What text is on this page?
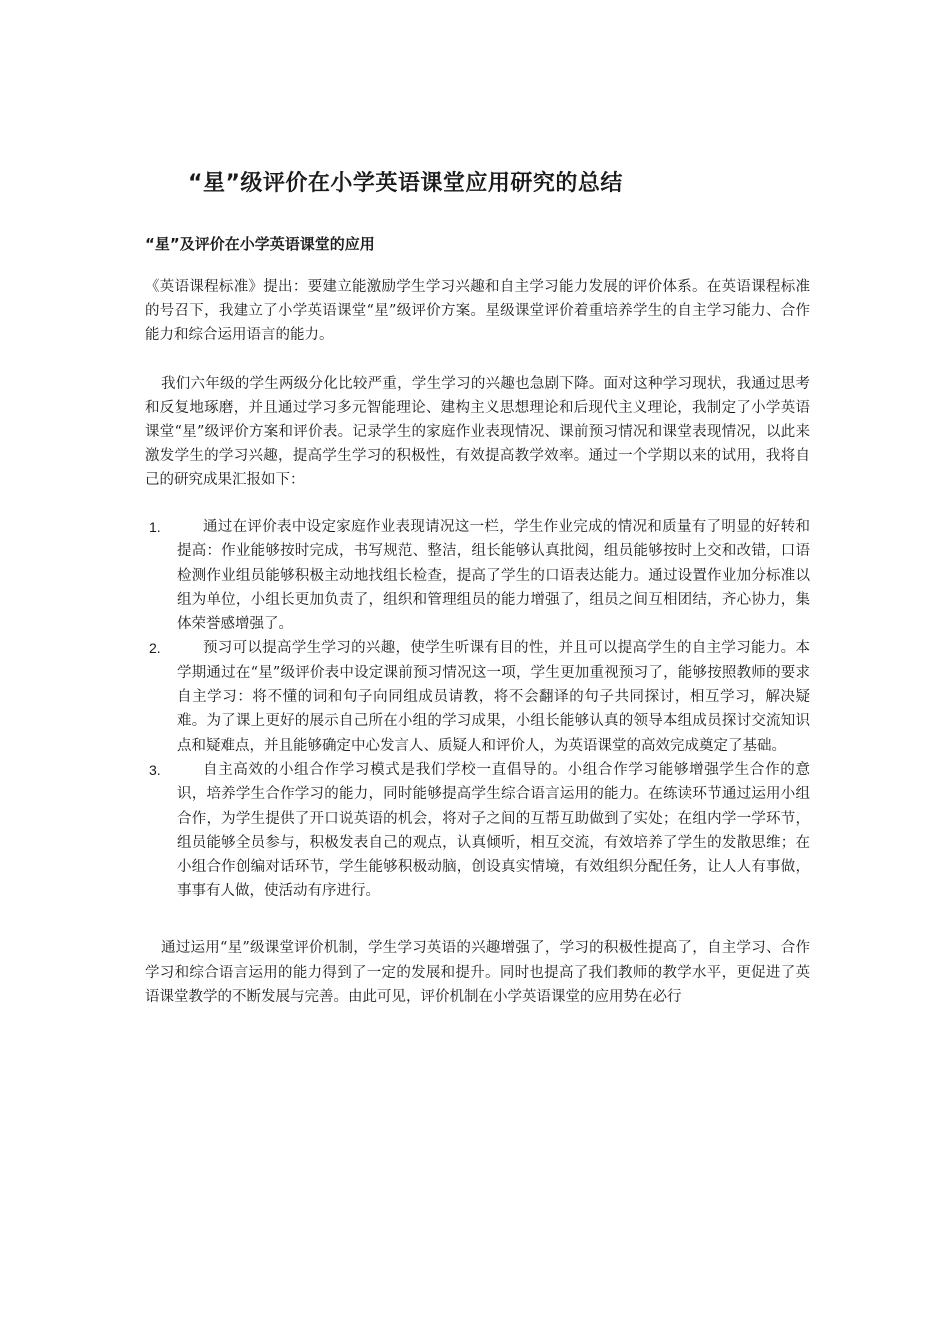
“星”级评价在小学英语课堂应用研究的总结
“星”及评价在小学英语课堂的应用

《英语课程标准》提出：要建立能激励学生学习兴趣和自主学习能力发展的评价体系。在英语课程标准的号召下，我建立了小学英语课堂“星”级评价方案。星级课堂评价着重培养学生的自主学习能力、合作能力和综合运用语言的能力。

我们六年级的学生两级分化比较严重，学生学习的兴趣也急剧下降。面对这种学习现状，我通过思考和反复地琢磨，并且通过学习多元智能理论、建构主义思想理论和后现代主义理论，我制定了小学英语课堂“星”级评价方案和评价表。记录学生的家庭作业表现情况、课前预习情况和课堂表现情况，以此来激发学生的学习兴趣，提高学生学习的积极性，有效提高教学效率。通过一个学期以来的试用，我将自己的研究成果汇报如下：

1.	通过在评价表中设定家庭作业表现请况这一栏，学生作业完成的情况和质量有了明显的好转和提高：作业能够按时完成，书写规范、整洁，组长能够认真批阅，组员能够按时上交和改错，口语检测作业组员能够积极主动地找组长检查，提高了学生的口语表达能力。通过设置作业加分标准以组为单位，小组长更加负责了，组织和管理组员的能力增强了，组员之间互相团结，齐心协力，集体荣誉感增强了。
2.	预习可以提高学生学习的兴趣，使学生听课有目的性，并且可以提高学生的自主学习能力。本学期通过在“星”级评价表中设定课前预习情况这一项，学生更加重视预习了，能够按照教师的要求自主学习：将不懂的词和句子向同组成员请教，将不会翻译的句子共同探讨，相互学习，解决疑难。为了课上更好的展示自己所在小组的学习成果，小组长能够认真的领导本组成员探讨交流知识点和疑难点，并且能够确定中心发言人、质疑人和评价人，为英语课堂的高效完成奠定了基础。
3.	自主高效的小组合作学习模式是我们学校一直倡导的。小组合作学习能够增强学生合作的意识，培养学生合作学习的能力，同时能够提高学生综合语言运用的能力。在练读环节通过运用小组合作，为学生提供了开口说英语的机会，将对子之间的互帮互助做到了实处；在组内学一学环节，组员能够全员参与，积极发表自己的观点，认真倾听，相互交流，有效培养了学生的发散思维；在小组合作创编对话环节，学生能够积极动脑，创设真实情境，有效组织分配任务，让人人有事做，事事有人做，使活动有序进行。

通过运用“星”级课堂评价机制，学生学习英语的兴趣增强了，学习的积极性提高了，自主学习、合作学习和综合语言运用的能力得到了一定的发展和提升。同时也提高了我们教师的教学水平，更促进了英语课堂教学的不断发展与完善。由此可见，评价机制在小学英语课堂的应用势在必行
